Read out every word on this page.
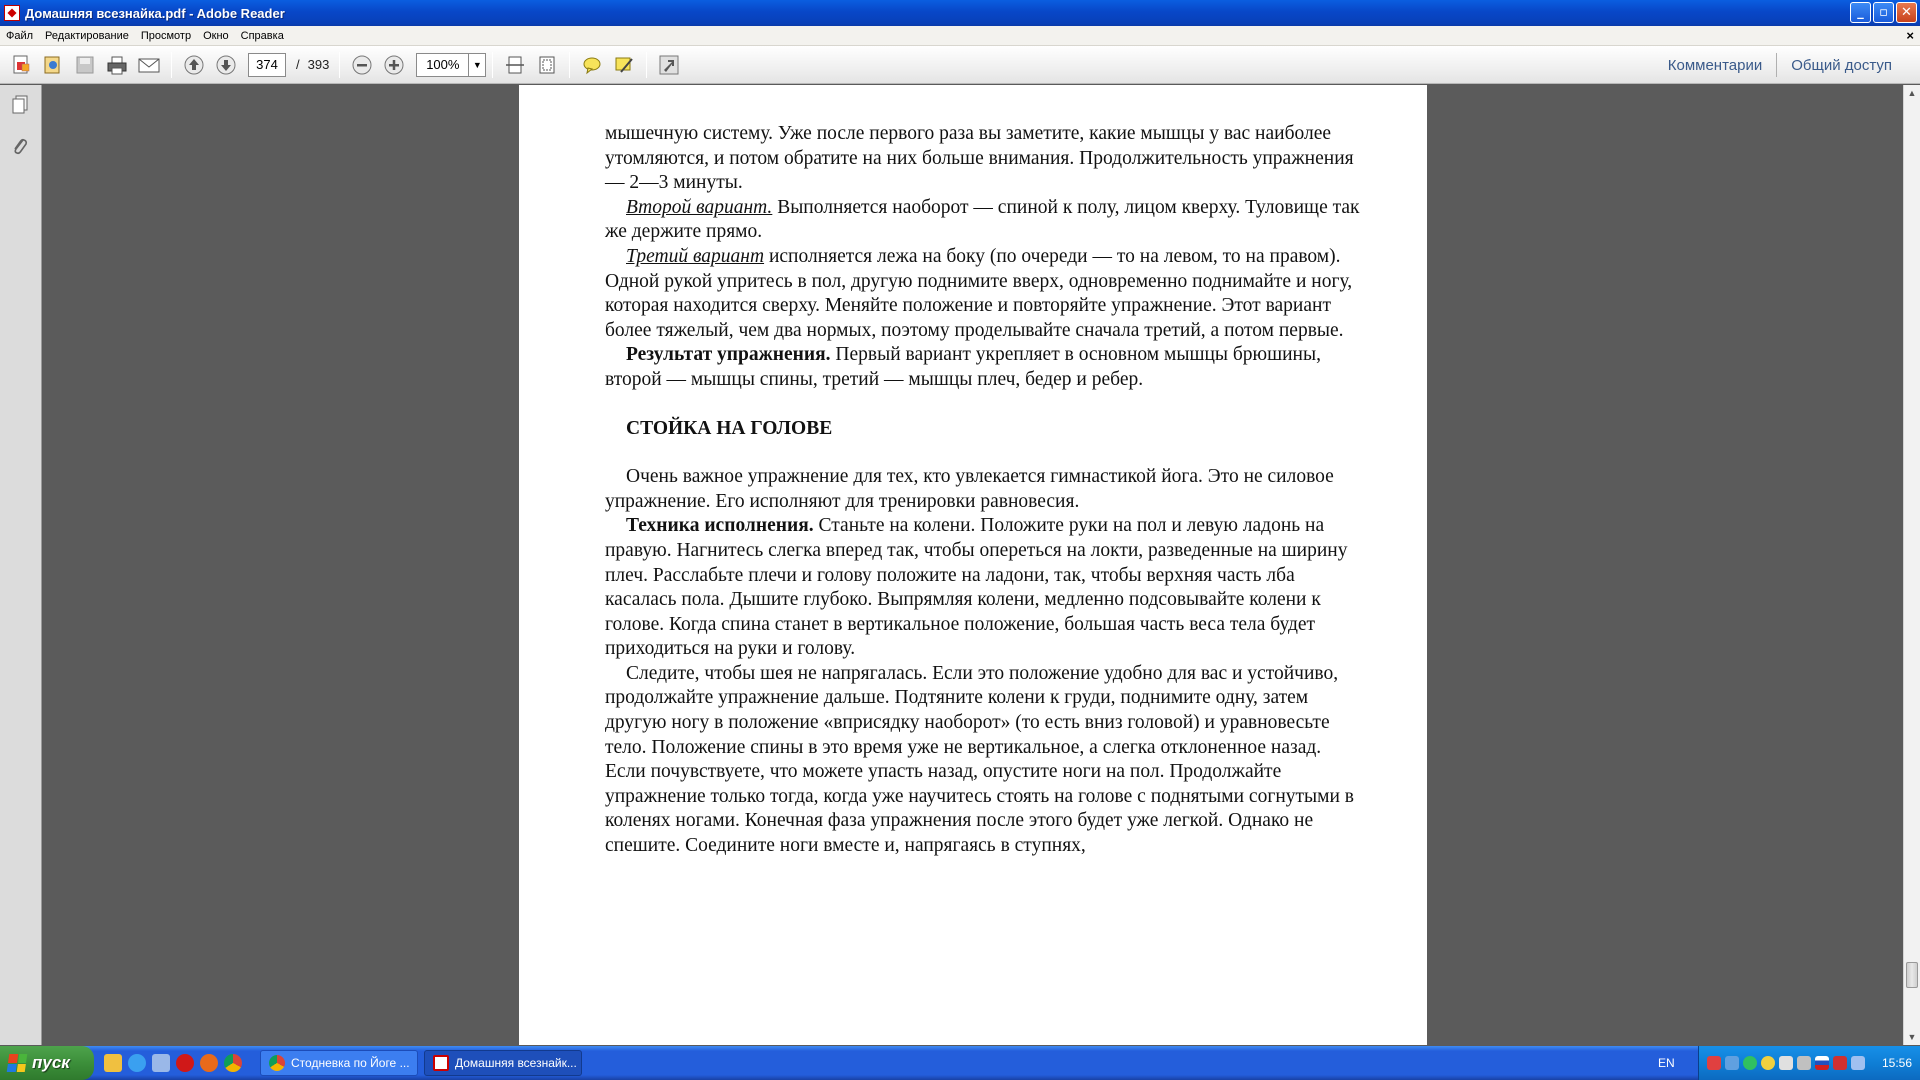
Домашняя всезнайка.pdf - Adobe Reader	_	▫	✕
Файл	Редактирование	Просмотр	Окно	Справка	×
374	/ 393	100%	▼	Комментарии	Общий доступ

мышечную систему. Уже после первого раза вы заметите, какие мышцы у вас наиболее утомляются, и потом обратите на них больше внимания. Продолжительность упражнения — 2—3 минуты.

Второй вариант. Выполняется наоборот — спиной к полу, лицом кверху. Туловище так же держите прямо.

Третий вариант исполняется лежа на боку (по очереди — то на левом, то на правом). Одной рукой упритесь в пол, другую поднимите вверх, одновременно поднимайте и ногу, которая находится сверху. Меняйте положение и повторяйте упражнение. Этот вариант более тяжелый, чем два нормых, поэтому проделывайте сначала третий, а потом первые.

Результат упражнения. Первый вариант укрепляет в основном мышцы брюшины, второй — мышцы спины, третий — мышцы плеч, бедер и ребер.

СТОЙКА НА ГОЛОВЕ

Очень важное упражнение для тех, кто увлекается гимнастикой йога. Это не силовое упражнение. Его исполняют для тренировки равновесия.

Техника исполнения. Станьте на колени. Положите руки на пол и левую ладонь на правую. Нагнитесь слегка вперед так, чтобы опереться на локти, разведенные на ширину плеч. Расслабьте плечи и голову положите на ладони, так, чтобы верхняя часть лба касалась пола. Дышите глубоко. Выпрямляя колени, медленно подсовывайте колени к голове. Когда спина станет в вертикальное положение, большая часть веса тела будет приходиться на руки и голову.

Следите, чтобы шея не напрягалась. Если это положение удобно для вас и устойчиво, продолжайте упражнение дальше. Подтяните колени к груди, поднимите одну, затем другую ногу в положение «вприсядку наоборот» (то есть вниз головой) и уравновесьте тело. Положение спины в это время уже не вертикальное, а слегка отклоненное назад. Если почувствуете, что можете упасть назад, опустите ноги на пол. Продолжайте упражнение только тогда, когда уже научитесь стоять на голове с поднятыми согнутыми в коленях ногами. Конечная фаза упражнения после этого будет уже легкой. Однако не спешите. Соедините ноги вместе и, напрягаясь в ступнях,

▲
▼
пуск	Стодневка по Йоге ...	Домашняя всезнайк...	EN	15:56
